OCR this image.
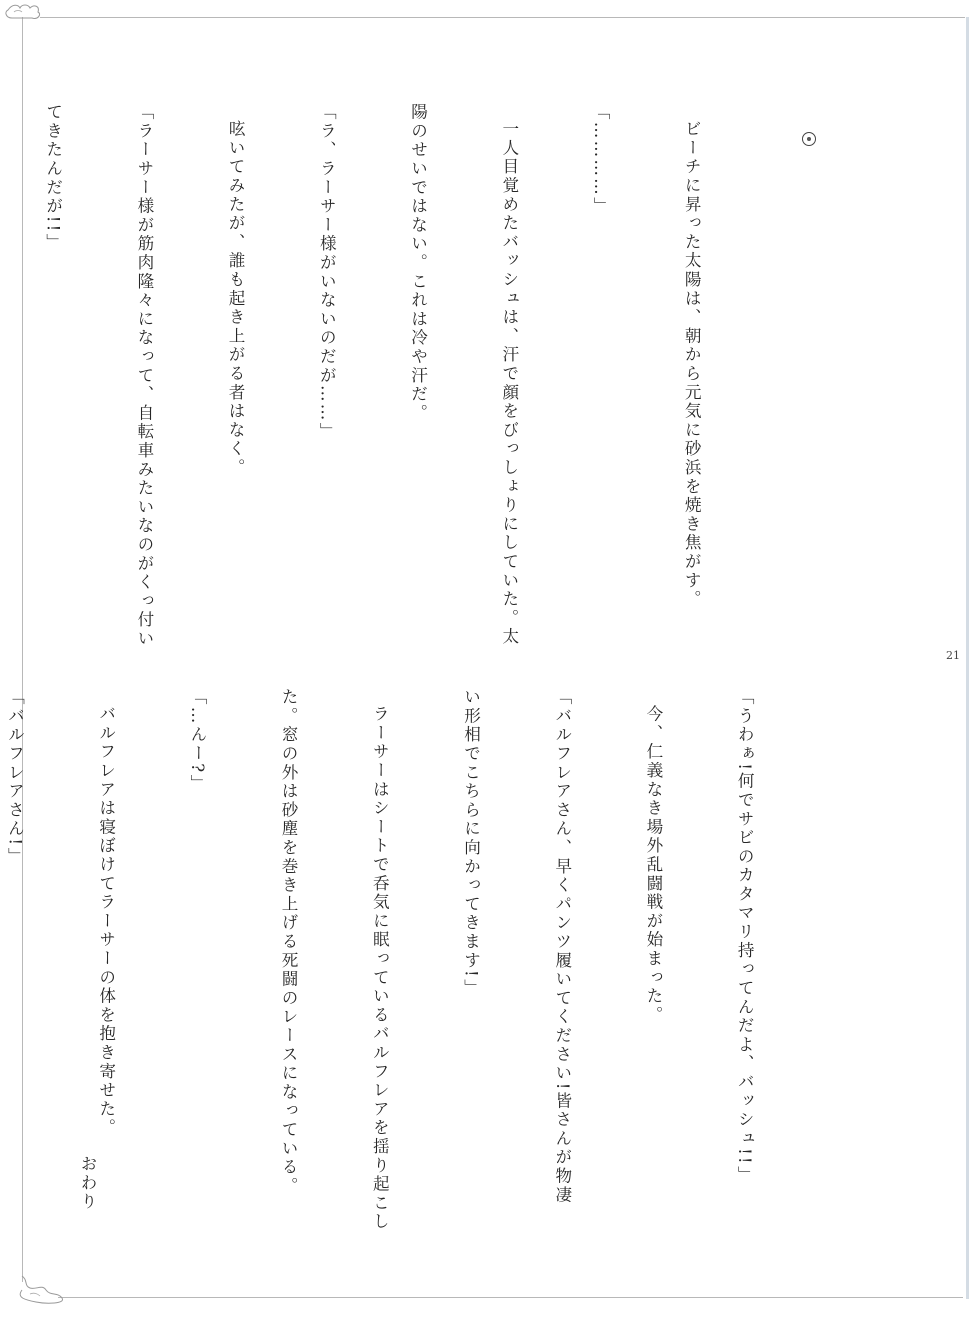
ビーチに昇った太陽は、朝から元気に砂浜を焼き焦がす。

「…………」

一人目覚めたバッシュは、汗で顔をびっしょりにしていた。太

陽のせいではない。これは冷や汗だ。

「ラ、ラーサー様がいないのだが……」

呟いてみたが、誰も起き上がる者はなく。

「ラーサー様が筋肉隆々になって、自転車みたいなのがくっ付い

てきたんだが!!」

「うわぁ!何でサビのカタマリ持ってんだよ、バッシュ!!」

今、仁義なき場外乱闘戦が始まった。

「バルフレアさん、早くパンツ履いてください!皆さんが物凄

い形相でこちらに向かってきます!」

ラーサーはシートで呑気に眠っているバルフレアを揺り起こし

た。窓の外は砂塵を巻き上げる死闘のレースになっている。

「…んー?」

バルフレアは寝ぼけてラーサーの体を抱き寄せた。

「バルフレアさん!」

21
おわり
